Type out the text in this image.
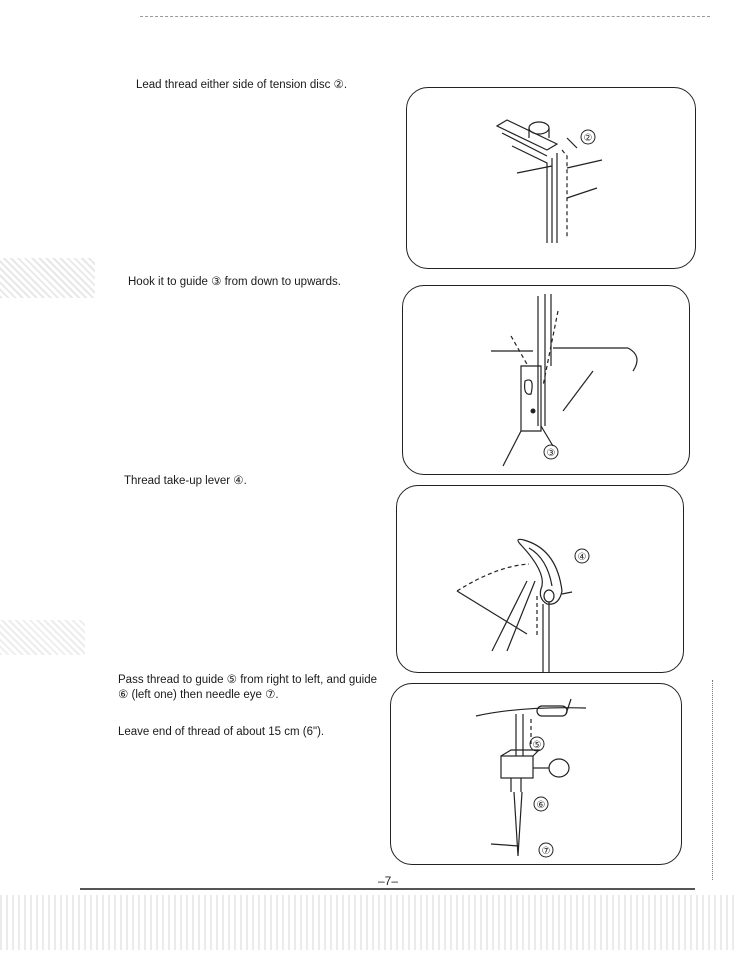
Lead thread either side of tension disc ②.
②
Hook it to guide ③ from down to upwards.
③
Thread take-up lever ④.
④
Pass thread to guide ⑤ from right to left, and guide ⑥ (left one) then needle eye ⑦.
Leave end of thread of about 15 cm (6").
⑤
⑥
⑦
–7–
